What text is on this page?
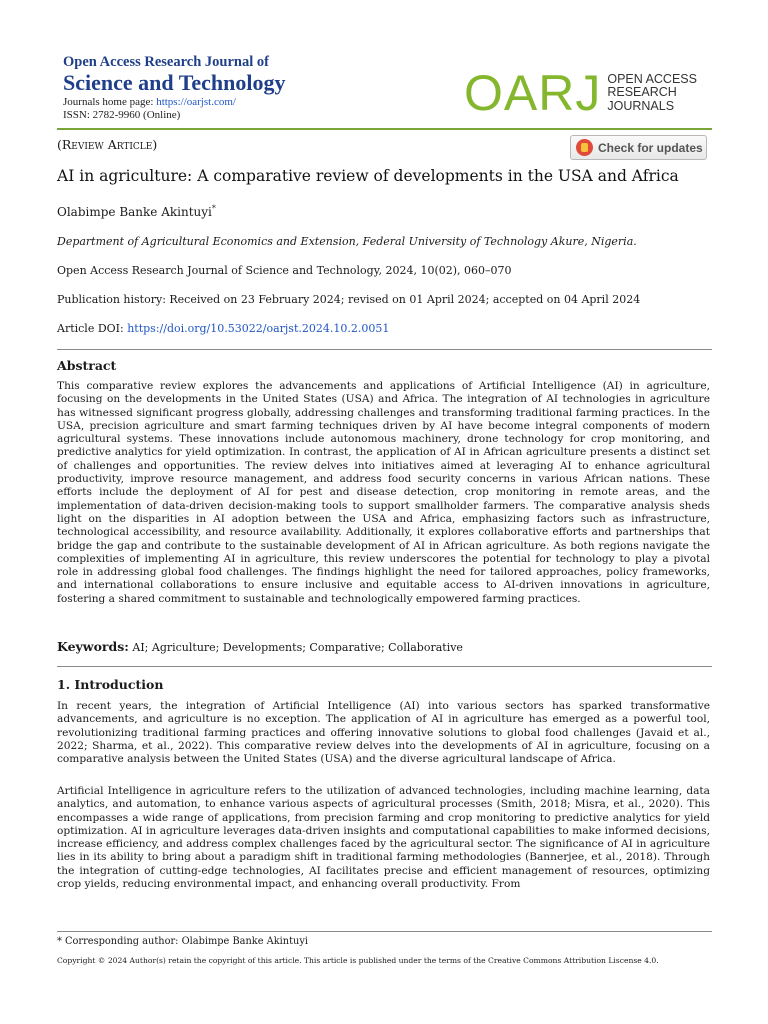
Open Access Research Journal of
Science and Technology
Journals home page: https://oarjst.com/
ISSN: 2782-9960 (Online)	OARJ OPEN ACCESS
RESEARCH
JOURNALS
(Review Article)	Check for updates
AI in agriculture: A comparative review of developments in the USA and Africa
Olabimpe Banke Akintuyi*
Department of Agricultural Economics and Extension, Federal University of Technology Akure, Nigeria.
Open Access Research Journal of Science and Technology, 2024, 10(02), 060–070
Publication history: Received on 23 February 2024; revised on 01 April 2024; accepted on 04 April 2024
Article DOI: https://doi.org/10.53022/oarjst.2024.10.2.0051
Abstract
This comparative review explores the advancements and applications of Artificial Intelligence (AI) in agriculture, focusing on the developments in the United States (USA) and Africa. The integration of AI technologies in agriculture has witnessed significant progress globally, addressing challenges and transforming traditional farming practices. In the USA, precision agriculture and smart farming techniques driven by AI have become integral components of modern agricultural systems. These innovations include autonomous machinery, drone technology for crop monitoring, and predictive analytics for yield optimization. In contrast, the application of AI in African agriculture presents a distinct set of challenges and opportunities. The review delves into initiatives aimed at leveraging AI to enhance agricultural productivity, improve resource management, and address food security concerns in various African nations. These efforts include the deployment of AI for pest and disease detection, crop monitoring in remote areas, and the implementation of data-driven decision-making tools to support smallholder farmers. The comparative analysis sheds light on the disparities in AI adoption between the USA and Africa, emphasizing factors such as infrastructure, technological accessibility, and resource availability. Additionally, it explores collaborative efforts and partnerships that bridge the gap and contribute to the sustainable development of AI in African agriculture. As both regions navigate the complexities of implementing AI in agriculture, this review underscores the potential for technology to play a pivotal role in addressing global food challenges. The findings highlight the need for tailored approaches, policy frameworks, and international collaborations to ensure inclusive and equitable access to AI-driven innovations in agriculture, fostering a shared commitment to sustainable and technologically empowered farming practices.
Keywords: AI; Agriculture; Developments; Comparative; Collaborative
1. Introduction
In recent years, the integration of Artificial Intelligence (AI) into various sectors has sparked transformative advancements, and agriculture is no exception. The application of AI in agriculture has emerged as a powerful tool, revolutionizing traditional farming practices and offering innovative solutions to global food challenges (Javaid et al., 2022; Sharma, et al., 2022). This comparative review delves into the developments of AI in agriculture, focusing on a comparative analysis between the United States (USA) and the diverse agricultural landscape of Africa.
Artificial Intelligence in agriculture refers to the utilization of advanced technologies, including machine learning, data analytics, and automation, to enhance various aspects of agricultural processes (Smith, 2018; Misra, et al., 2020). This encompasses a wide range of applications, from precision farming and crop monitoring to predictive analytics for yield optimization. AI in agriculture leverages data-driven insights and computational capabilities to make informed decisions, increase efficiency, and address complex challenges faced by the agricultural sector. The significance of AI in agriculture lies in its ability to bring about a paradigm shift in traditional farming methodologies (Bannerjee, et al., 2018). Through the integration of cutting-edge technologies, AI facilitates precise and efficient management of resources, optimizing crop yields, reducing environmental impact, and enhancing overall productivity. From
* Corresponding author: Olabimpe Banke Akintuyi
Copyright © 2024 Author(s) retain the copyright of this article. This article is published under the terms of the Creative Commons Attribution Liscense 4.0.
